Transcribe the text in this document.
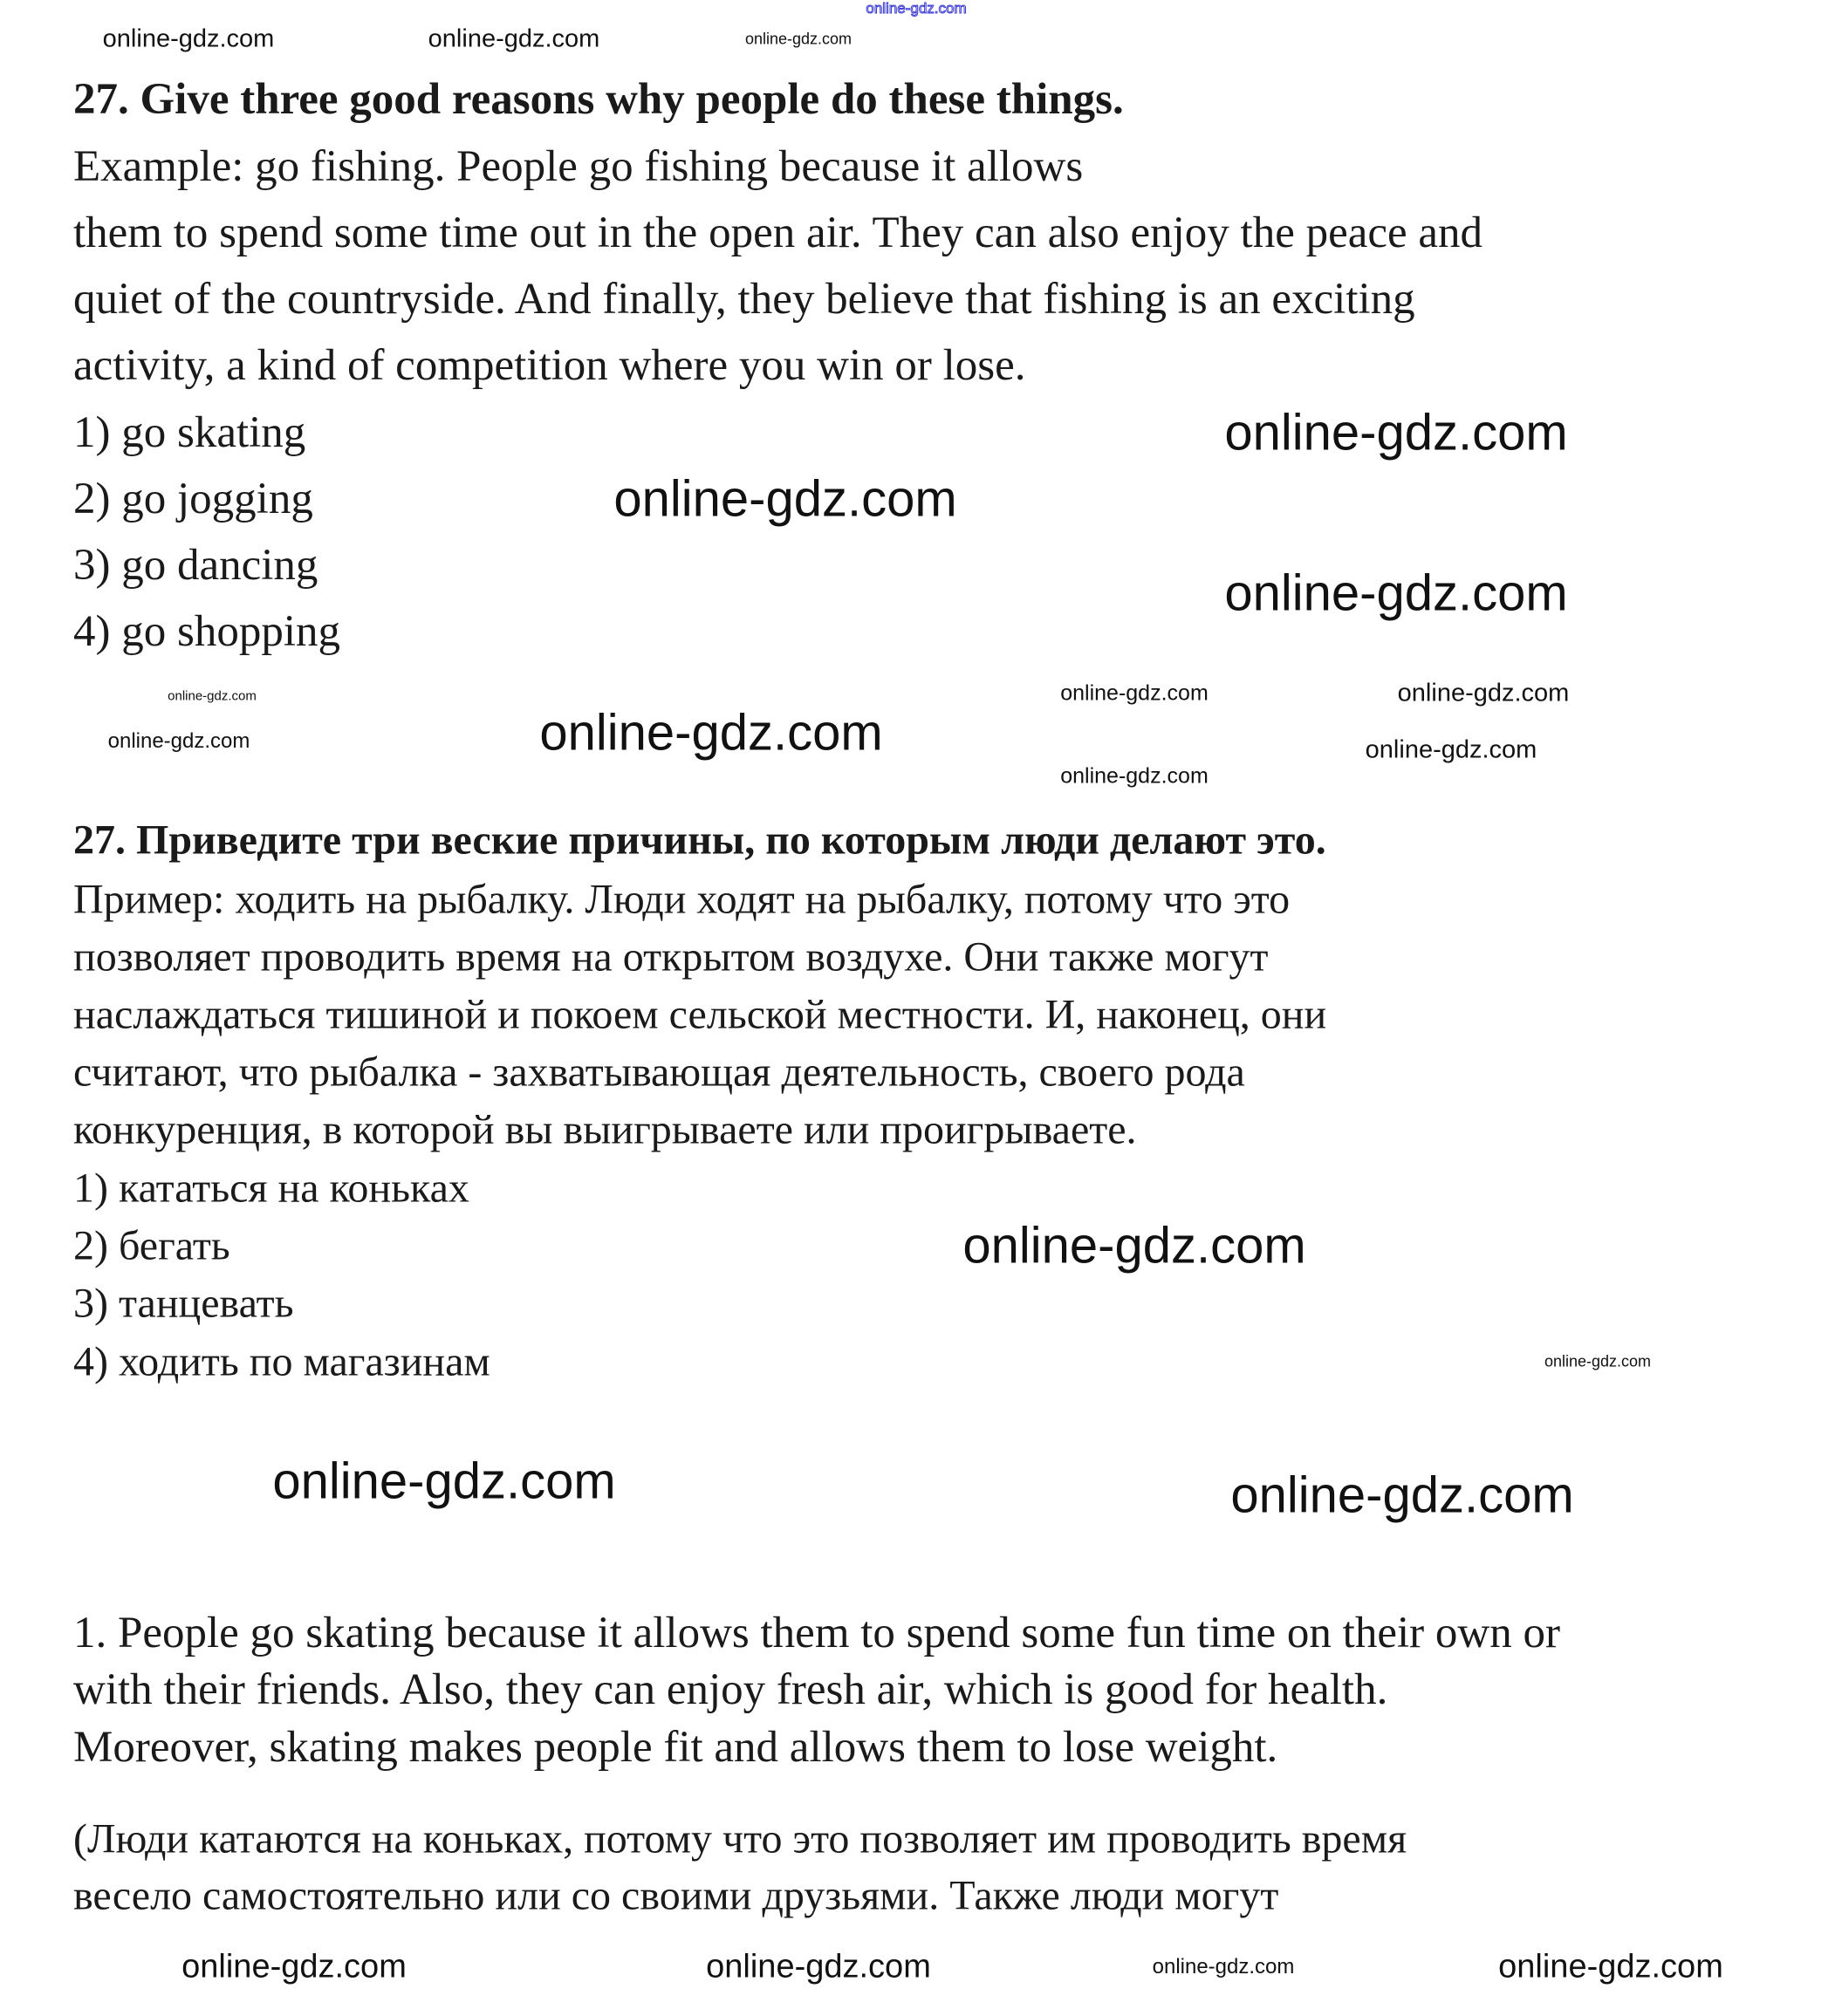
online-gdz.com
27. Give three good reasons why people do these things.
Example: go fishing. People go fishing because it allows
them to spend some time out in the open air. They can also enjoy the peace and
quiet of the countryside. And finally, they believe that fishing is an exciting
activity, a kind of competition where you win or lose.
1) go skating
2) go jogging
3) go dancing
4) go shopping
27. Приведите три веские причины, по которым люди делают это.
Пример: ходить на рыбалку. Люди ходят на рыбалку, потому что это
позволяет проводить время на открытом воздухе. Они также могут
наслаждаться тишиной и покоем сельской местности. И, наконец, они
считают, что рыбалка - захватывающая деятельность, своего рода
конкуренция, в которой вы выигрываете или проигрываете.
1) кататься на коньках
2) бегать
3) танцевать
4) ходить по магазинам
1. People go skating because it allows them to spend some fun time on their own or
with their friends. Also, they can enjoy fresh air, which is good for health.
Moreover, skating makes people fit and allows them to lose weight.
(Люди катаются на коньках, потому что это позволяет им проводить время
весело самостоятельно или со своими друзьями. Также люди могут
online-gdz.com	online-gdz.com	online-gdz.com
online-gdz.com
online-gdz.com
online-gdz.com
online-gdz.com	online-gdz.com	online-gdz.com
online-gdz.com	online-gdz.com
online-gdz.com
online-gdz.com
online-gdz.com
online-gdz.com
online-gdz.com	online-gdz.com
online-gdz.com	online-gdz.com	online-gdz.com	online-gdz.com
